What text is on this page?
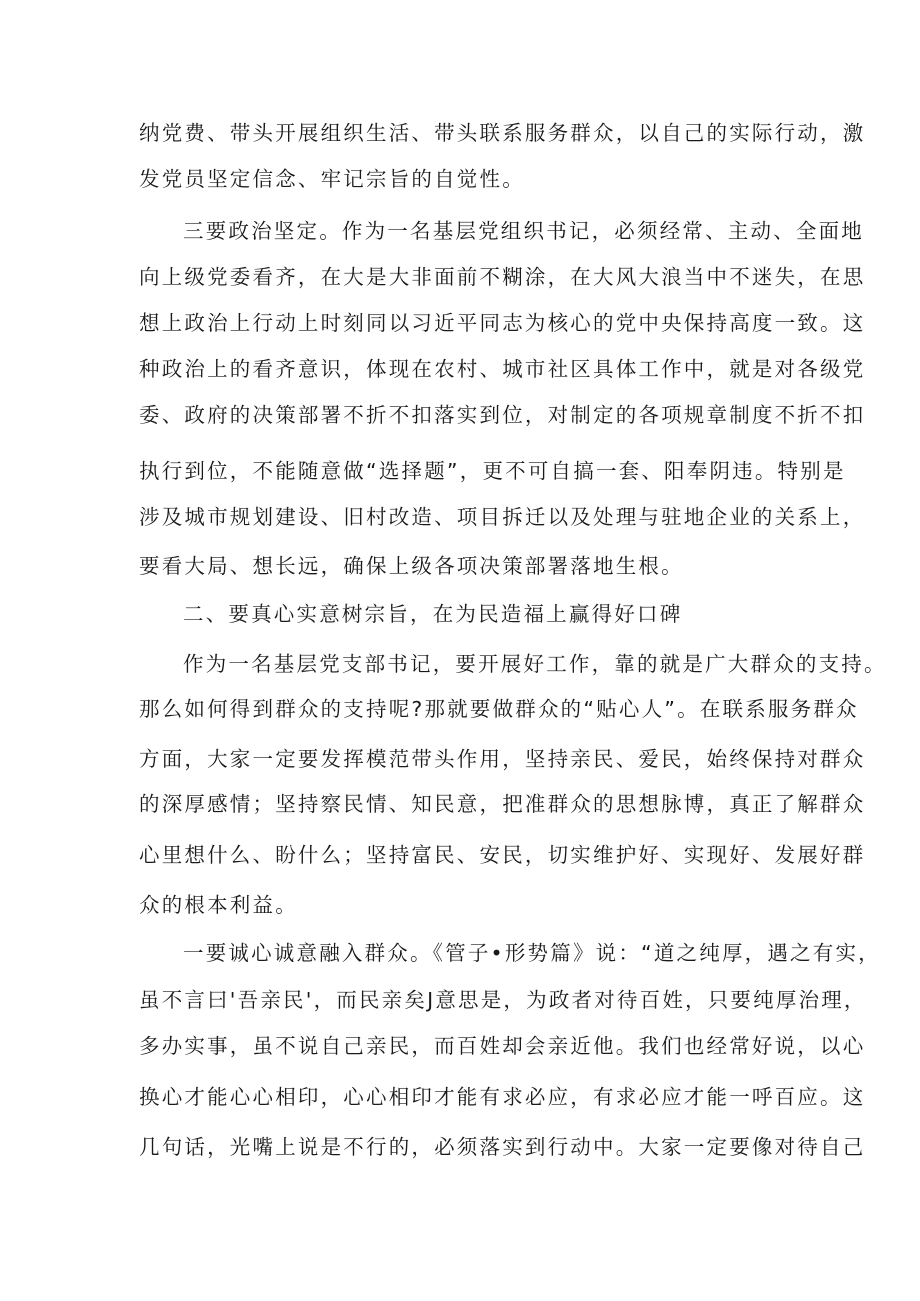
纳党费、带头开展组织生活、带头联系服务群众，以自己的实际行动，激
发党员坚定信念、牢记宗旨的自觉性。
三要政治坚定。作为一名基层党组织书记，必须经常、主动、全面地
向上级党委看齐，在大是大非面前不糊涂，在大风大浪当中不迷失，在思
想上政治上行动上时刻同以习近平同志为核心的党中央保持高度一致。这
种政治上的看齐意识，体现在农村、城市社区具体工作中，就是对各级党
委、政府的决策部署不折不扣落实到位，对制定的各项规章制度不折不扣
执行到位，不能随意做“选择题”，更不可自搞一套、阳奉阴违。特别是
涉及城市规划建设、旧村改造、项目拆迁以及处理与驻地企业的关系上，
要看大局、想长远，确保上级各项决策部署落地生根。
二、要真心实意树宗旨，在为民造福上赢得好口碑
作为一名基层党支部书记，要开展好工作，靠的就是广大群众的支持。
那么如何得到群众的支持呢?那就要做群众的“贴心人”。在联系服务群众
方面，大家一定要发挥模范带头作用，坚持亲民、爱民，始终保持对群众
的深厚感情；坚持察民情、知民意，把准群众的思想脉博，真正了解群众
心里想什么、盼什么；坚持富民、安民，切实维护好、实现好、发展好群
众的根本利益。
一要诚心诚意融入群众。《管子•形势篇》说：“道之纯厚，遇之有实，
虽不言曰'吾亲民'，而民亲矣J意思是，为政者对待百姓，只要纯厚治理，
多办实事，虽不说自己亲民，而百姓却会亲近他。我们也经常好说，以心
换心才能心心相印，心心相印才能有求必应，有求必应才能一呼百应。这
几句话，光嘴上说是不行的，必须落实到行动中。大家一定要像对待自己
